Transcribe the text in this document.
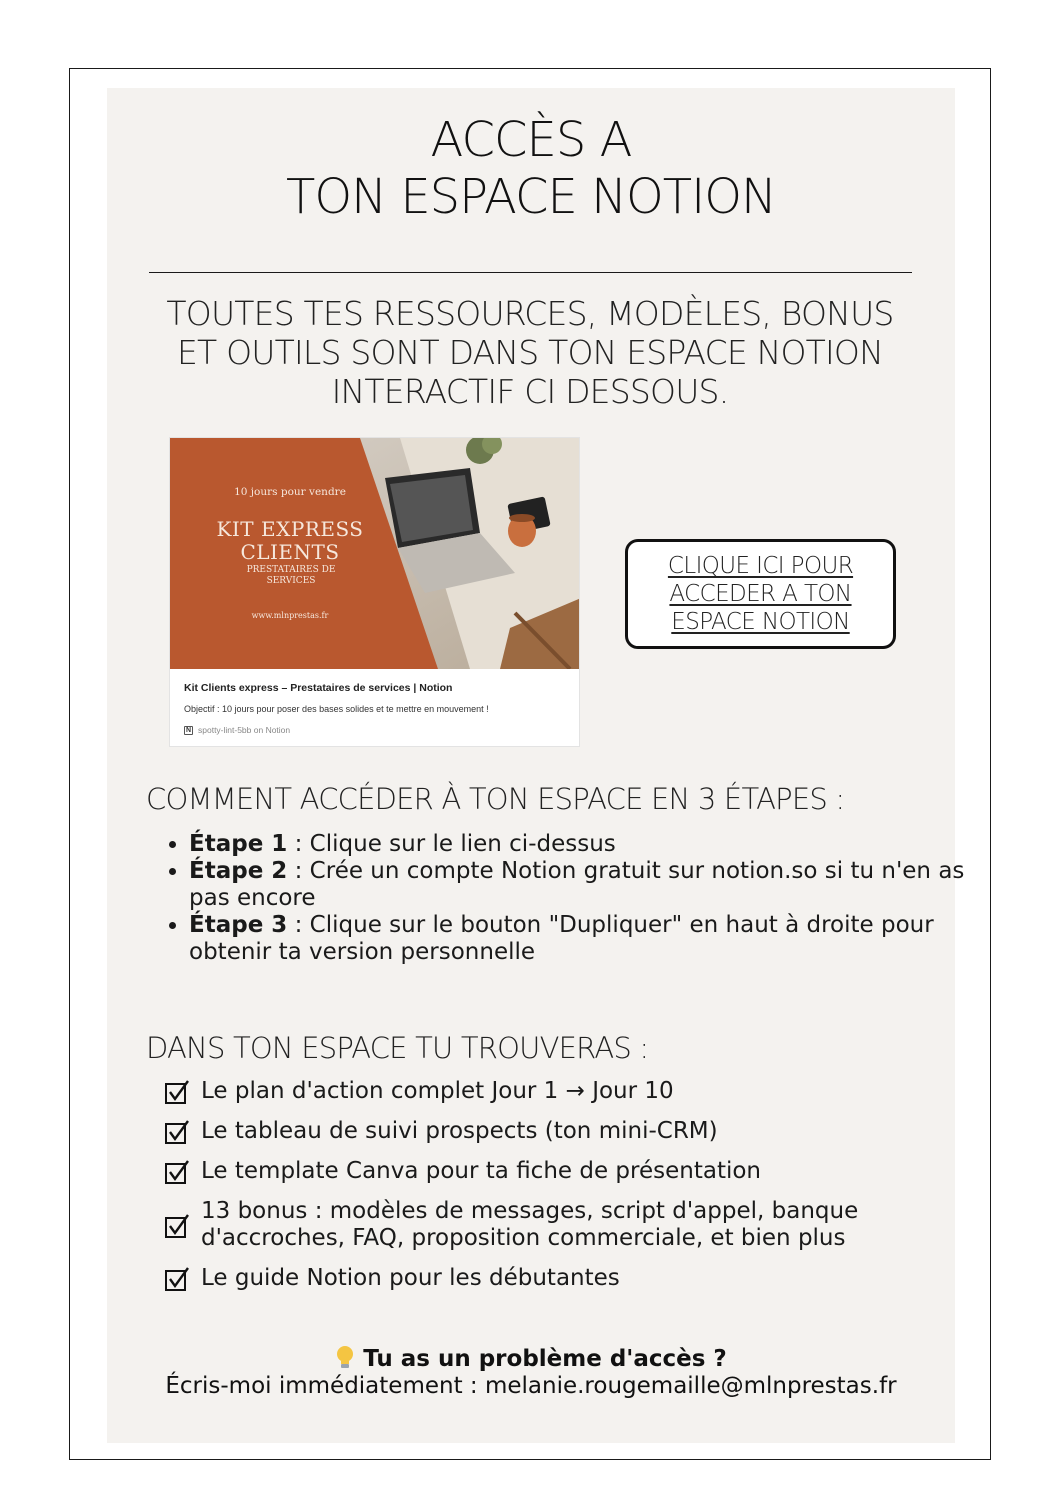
ACCÈS A
TON ESPACE NOTION
TOUTES TES RESSOURCES, MODÈLES, BONUS
ET OUTILS SONT DANS TON ESPACE NOTION
INTERACTIF CI DESSOUS.
10 jours pour vendre
KIT EXPRESS
CLIENTS
PRESTATAIRES DE SERVICES
www.mlnprestas.fr
Kit Clients express – Prestataires de services | Notion
Objectif : 10 jours pour poser des bases solides et te mettre en mouvement !
N spotty-lint-5bb on Notion
CLIQUE ICI POUR
ACCEDER A TON
ESPACE NOTION
COMMENT ACCÉDER À TON ESPACE EN 3 ÉTAPES :
• Étape 1 : Clique sur le lien ci-dessus
• Étape 2 : Crée un compte Notion gratuit sur notion.so si tu n'en as pas encore
• Étape 3 : Clique sur le bouton "Dupliquer" en haut à droite pour obtenir ta version personnelle
DANS TON ESPACE TU TROUVERAS :
Le plan d'action complet Jour 1 → Jour 10
Le tableau de suivi prospects (ton mini-CRM)
Le template Canva pour ta fiche de présentation
13 bonus : modèles de messages, script d'appel, banque d'accroches, FAQ, proposition commerciale, et bien plus
Le guide Notion pour les débutantes
Tu as un problème d'accès ?
Écris-moi immédiatement : melanie.rougemaille@mlnprestas.fr
